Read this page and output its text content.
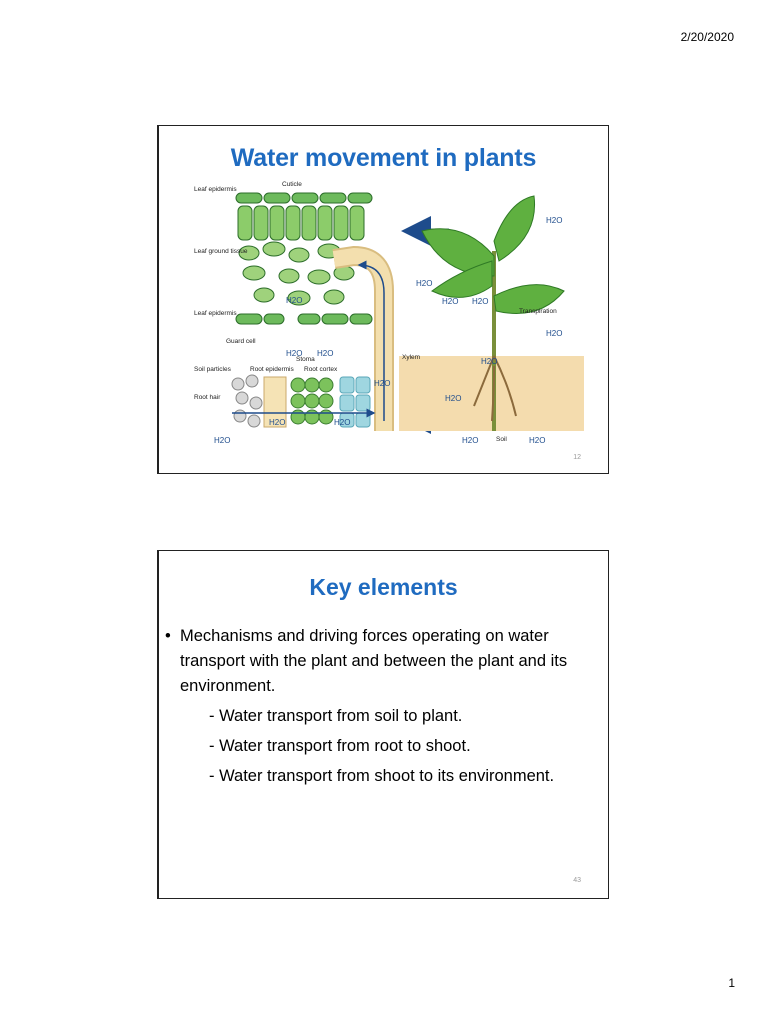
2/20/2020
Water movement in plants
H2O
H2O
H2O H2O
H2O
H2O
H2O
H2O	H2O
H2O H2O
H2O
H2O
H2O	H2O
H2O
Leaf epidermis
Cuticle
Leaf ground tissue
Leaf epidermis
Guard cell
Stoma
Soil particles	Root epidermis Root cortex
Root hair
Xylem
Transpiration
Soil
12
Key elements
• Mechanisms and driving forces operating on water transport with the plant and between the plant and its environment.
- Water transport from soil to plant.
- Water transport from root to shoot.
- Water transport from shoot to its environment.
43
1
